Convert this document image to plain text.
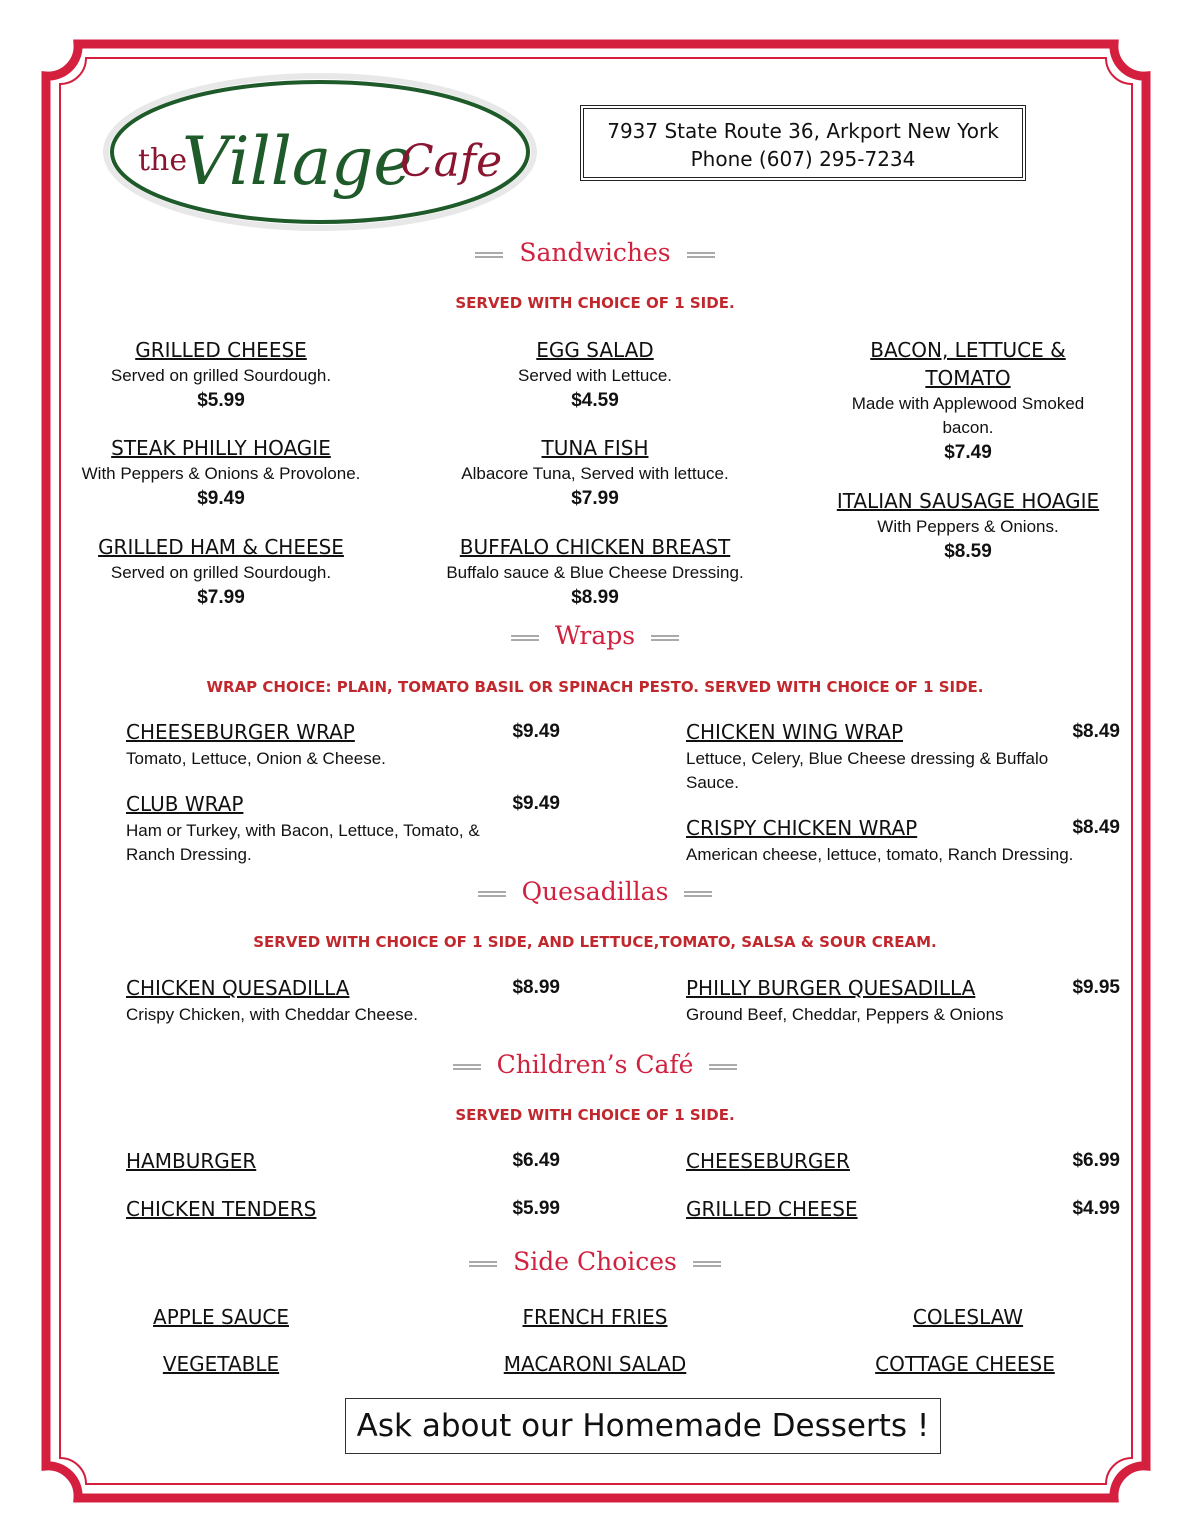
the
Village
Cafe
7937 State Route 36, Arkport New York
Phone (607) 295-7234
Sandwiches
SERVED WITH CHOICE OF 1 SIDE.
GRILLED CHEESE
Served on grilled Sourdough.
$5.99
STEAK PHILLY HOAGIE
With Peppers & Onions & Provolone.
$9.49
GRILLED HAM & CHEESE
Served on grilled Sourdough.
$7.99
EGG SALAD
Served with Lettuce.
$4.59
TUNA FISH
Albacore Tuna, Served with lettuce.
$7.99
BUFFALO CHICKEN BREAST
Buffalo sauce & Blue Cheese Dressing.
$8.99
BACON, LETTUCE & TOMATO
Made with Applewood Smoked bacon.
$7.49
ITALIAN SAUSAGE HOAGIE
With Peppers & Onions.
$8.59
Wraps
WRAP CHOICE: PLAIN, TOMATO BASIL OR SPINACH PESTO. SERVED WITH CHOICE OF 1 SIDE.
CHEESEBURGER WRAP	$9.49
Tomato, Lettuce, Onion & Cheese.
CLUB WRAP	$9.49
Ham or Turkey, with Bacon, Lettuce, Tomato, & Ranch Dressing.
CHICKEN WING WRAP	$8.49
Lettuce, Celery, Blue Cheese dressing & Buffalo Sauce.
CRISPY CHICKEN WRAP	$8.49
American cheese, lettuce, tomato, Ranch Dressing.
Quesadillas
SERVED WITH CHOICE OF 1 SIDE, AND LETTUCE,TOMATO, SALSA & SOUR CREAM.
CHICKEN QUESADILLA	$8.99
Crispy Chicken, with Cheddar Cheese.
PHILLY BURGER QUESADILLA	$9.95
Ground Beef, Cheddar, Peppers & Onions
Children’s Café
SERVED WITH CHOICE OF 1 SIDE.
HAMBURGER	$6.49
CHICKEN TENDERS	$5.99
CHEESEBURGER	$6.99
GRILLED CHEESE	$4.99
Side Choices
APPLE SAUCE	FRENCH FRIES	COLESLAW
VEGETABLE	MACARONI SALAD	COTTAGE CHEESE
Ask about our Homemade Desserts !
